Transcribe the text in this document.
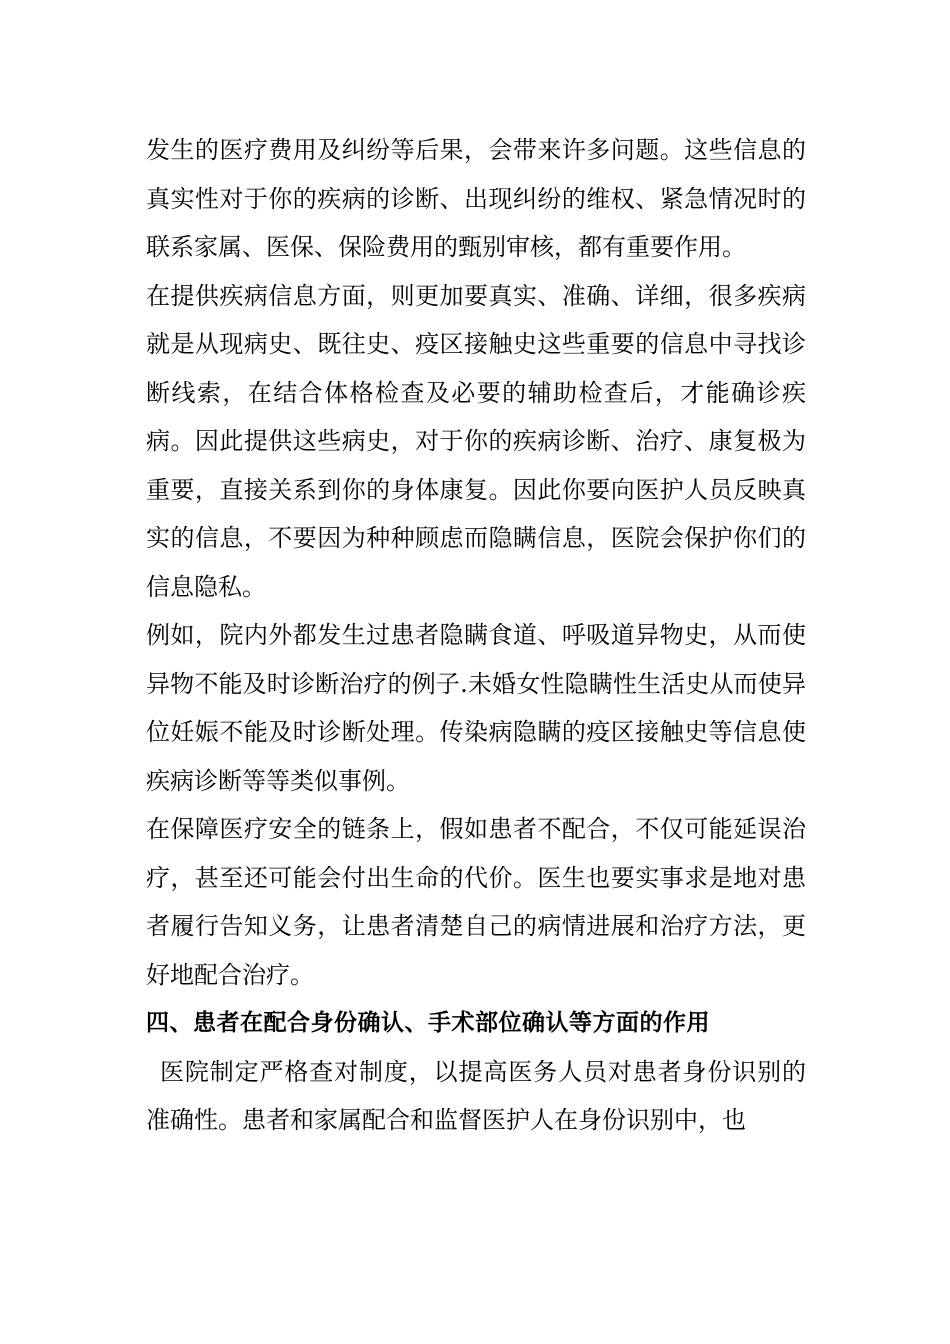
发生的医疗费用及纠纷等后果，会带来许多问题。这些信息的真实性对于你的疾病的诊断、出现纠纷的维权、紧急情况时的联系家属、医保、保险费用的甄别审核，都有重要作用。

在提供疾病信息方面，则更加要真实、准确、详细，很多疾病就是从现病史、既往史、疫区接触史这些重要的信息中寻找诊断线索，在结合体格检查及必要的辅助检查后，才能确诊疾病。因此提供这些病史，对于你的疾病诊断、治疗、康复极为重要，直接关系到你的身体康复。因此你要向医护人员反映真实的信息，不要因为种种顾虑而隐瞒信息，医院会保护你们的信息隐私。

例如，院内外都发生过患者隐瞒食道、呼吸道异物史，从而使异物不能及时诊断治疗的例子.未婚女性隐瞒性生活史从而使异位妊娠不能及时诊断处理。传染病隐瞒的疫区接触史等信息使疾病诊断等等类似事例。

在保障医疗安全的链条上，假如患者不配合，不仅可能延误治疗，甚至还可能会付出生命的代价。医生也要实事求是地对患者履行告知义务，让患者清楚自己的病情进展和治疗方法，更好地配合治疗。

四、患者在配合身份确认、手术部位确认等方面的作用

医院制定严格查对制度，以提高医务人员对患者身份识别的准确性。患者和家属配合和监督医护人在身份识别中，也
